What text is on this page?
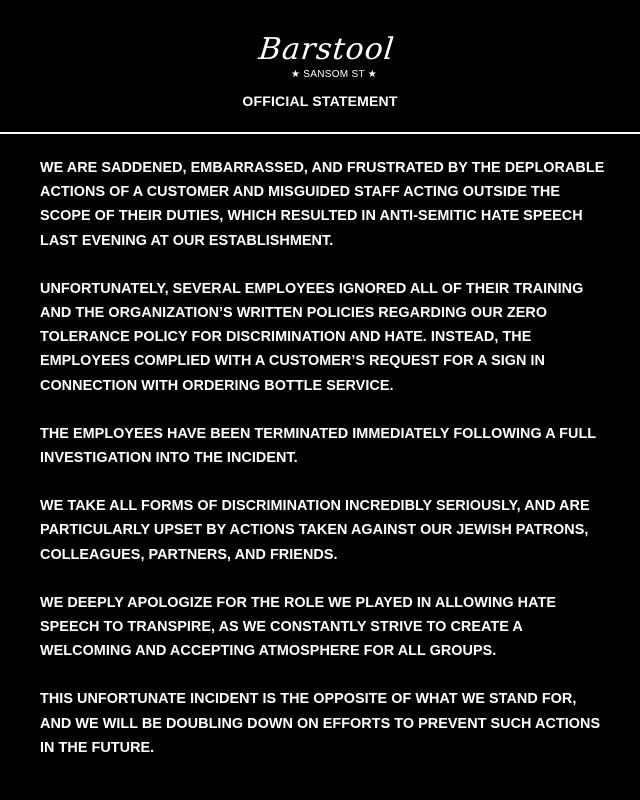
Barstool
★ SANSOM ST ★
OFFICIAL STATEMENT

WE ARE SADDENED, EMBARRASSED, AND FRUSTRATED BY THE DEPLORABLE ACTIONS OF A CUSTOMER AND MISGUIDED STAFF ACTING OUTSIDE THE SCOPE OF THEIR DUTIES, WHICH RESULTED IN ANTI-SEMITIC HATE SPEECH LAST EVENING AT OUR ESTABLISHMENT.

UNFORTUNATELY, SEVERAL EMPLOYEES IGNORED ALL OF THEIR TRAINING AND THE ORGANIZATION’S WRITTEN POLICIES REGARDING OUR ZERO TOLERANCE POLICY FOR DISCRIMINATION AND HATE. INSTEAD, THE EMPLOYEES COMPLIED WITH A CUSTOMER’S REQUEST FOR A SIGN IN CONNECTION WITH ORDERING BOTTLE SERVICE.

THE EMPLOYEES HAVE BEEN TERMINATED IMMEDIATELY FOLLOWING A FULL INVESTIGATION INTO THE INCIDENT.

WE TAKE ALL FORMS OF DISCRIMINATION INCREDIBLY SERIOUSLY, AND ARE PARTICULARLY UPSET BY ACTIONS TAKEN AGAINST OUR JEWISH PATRONS, COLLEAGUES, PARTNERS, AND FRIENDS.

WE DEEPLY APOLOGIZE FOR THE ROLE WE PLAYED IN ALLOWING HATE SPEECH TO TRANSPIRE, AS WE CONSTANTLY STRIVE TO CREATE A WELCOMING AND ACCEPTING ATMOSPHERE FOR ALL GROUPS.

THIS UNFORTUNATE INCIDENT IS THE OPPOSITE OF WHAT WE STAND FOR, AND WE WILL BE DOUBLING DOWN ON EFFORTS TO PREVENT SUCH ACTIONS IN THE FUTURE.
